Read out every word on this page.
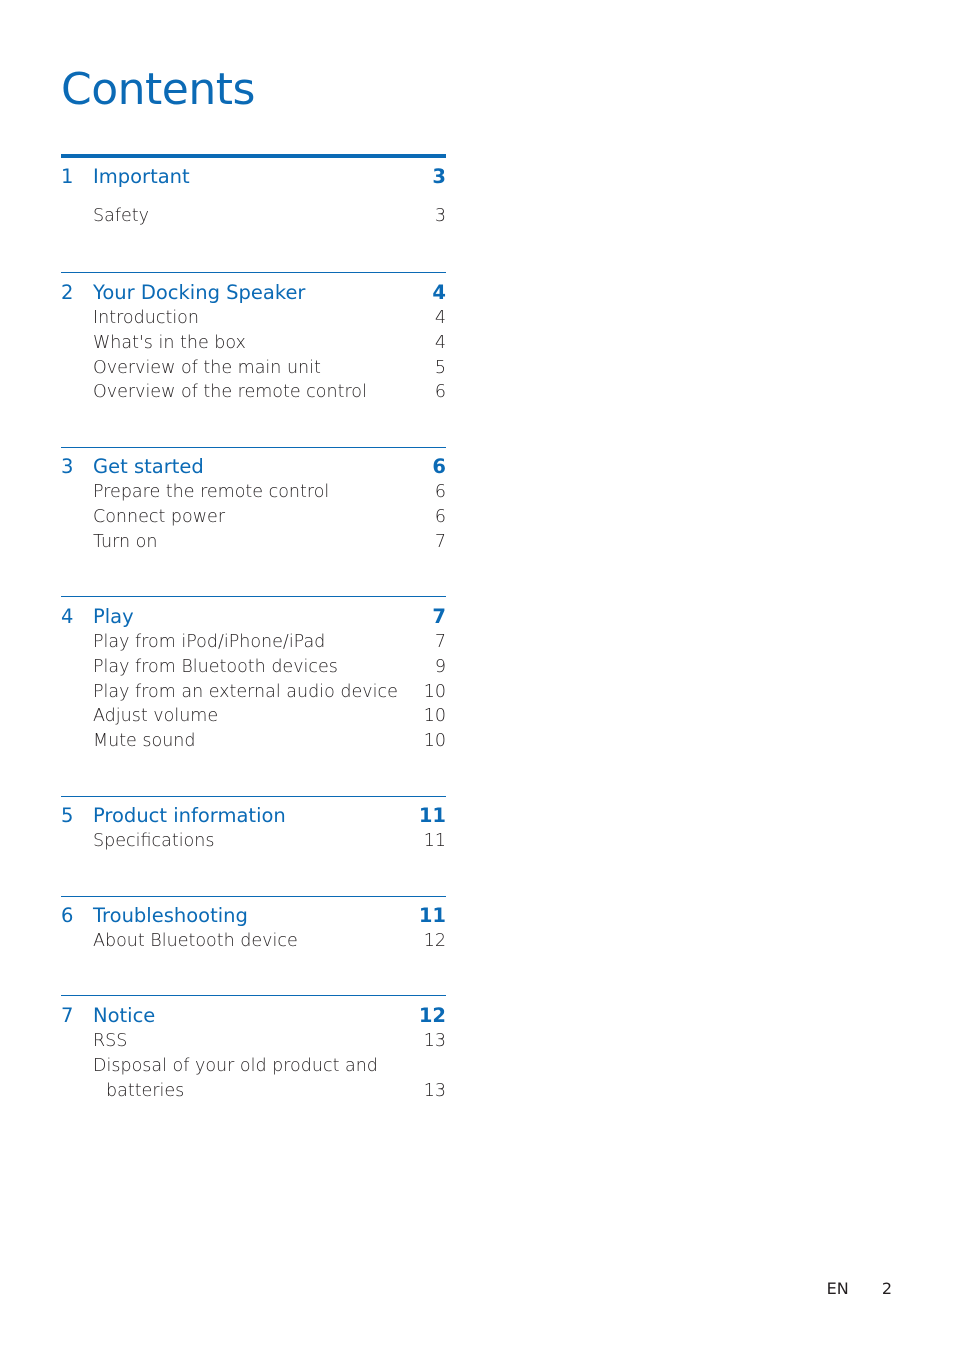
Contents
1 Important	3
Safety	3
2 Your Docking Speaker	4
Introduction	4
What's in the box	4
Overview of the main unit	5
Overview of the remote control	6
3 Get started	6
Prepare the remote control	6
Connect power	6
Turn on	7
4 Play	7
Play from iPod/iPhone/iPad	7
Play from Bluetooth devices	9
Play from an external audio device 10
Adjust volume	10
Mute sound	10
5 Product information	11
Specifications	11
6 Troubleshooting	11
About Bluetooth device	12
7 Notice	12
RSS	13
Disposal of your old product and
batteries	13
EN 2
